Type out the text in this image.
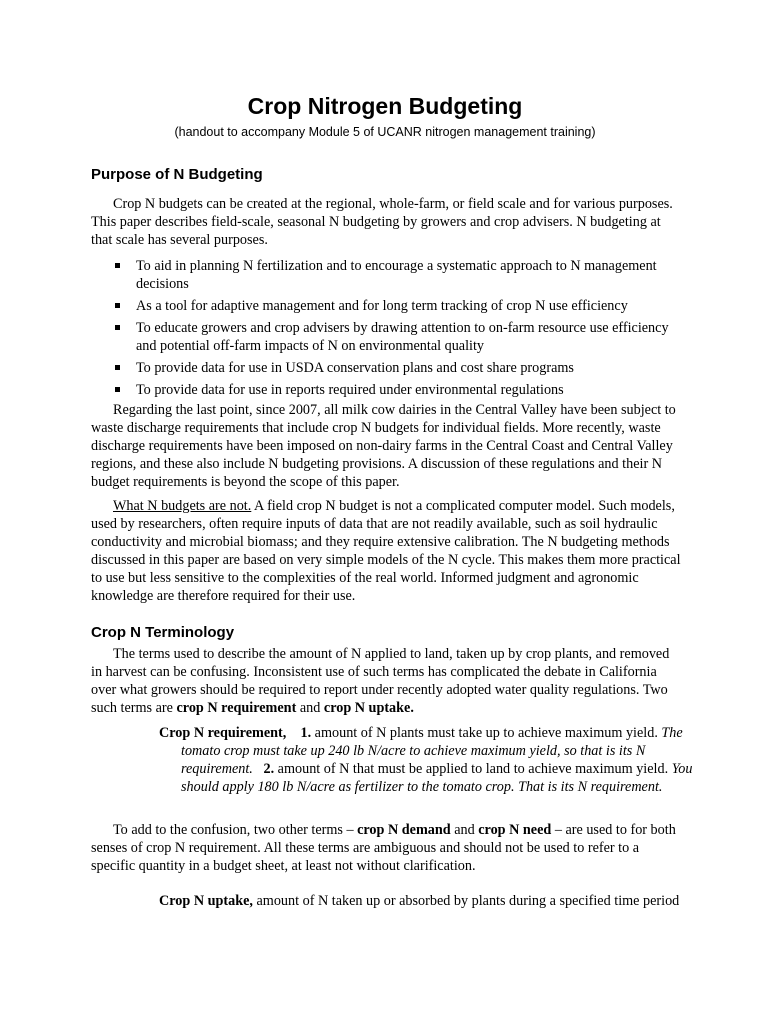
Crop Nitrogen Budgeting

(handout to accompany Module 5 of UCANR nitrogen management training)

Purpose of N Budgeting

Crop N budgets can be created at the regional, whole-farm, or field scale and for various purposes. This paper describes field-scale, seasonal N budgeting by growers and crop advisers. N budgeting at that scale has several purposes.

To aid in planning N fertilization and to encourage a systematic approach to N management decisions
As a tool for adaptive management and for long term tracking of crop N use efficiency
To educate growers and crop advisers by drawing attention to on-farm resource use efficiency and potential off-farm impacts of N on environmental quality
To provide data for use in USDA conservation plans and cost share programs
To provide data for use in reports required under environmental regulations

Regarding the last point, since 2007, all milk cow dairies in the Central Valley have been subject to waste discharge requirements that include crop N budgets for individual fields. More recently, waste discharge requirements have been imposed on non-dairy farms in the Central Coast and Central Valley regions, and these also include N budgeting provisions. A discussion of these regulations and their N budget requirements is beyond the scope of this paper.

What N budgets are not. A field crop N budget is not a complicated computer model. Such models, used by researchers, often require inputs of data that are not readily available, such as soil hydraulic conductivity and microbial biomass; and they require extensive calibration. The N budgeting methods discussed in this paper are based on very simple models of the N cycle. This makes them more practical to use but less sensitive to the complexities of the real world. Informed judgment and agronomic knowledge are therefore required for their use.

Crop N Terminology

The terms used to describe the amount of N applied to land, taken up by crop plants, and removed in harvest can be confusing. Inconsistent use of such terms has complicated the debate in California over what growers should be required to report under recently adopted water quality regulations. Two such terms are crop N requirement and crop N uptake.

Crop N requirement, 1. amount of N plants must take up to achieve maximum yield. The tomato crop must take up 240 lb N/acre to achieve maximum yield, so that is its N requirement. 2. amount of N that must be applied to land to achieve maximum yield. You should apply 180 lb N/acre as fertilizer to the tomato crop. That is its N requirement.

To add to the confusion, two other terms – crop N demand and crop N need – are used to for both senses of crop N requirement. All these terms are ambiguous and should not be used to refer to a specific quantity in a budget sheet, at least not without clarification.

Crop N uptake, amount of N taken up or absorbed by plants during a specified time period
